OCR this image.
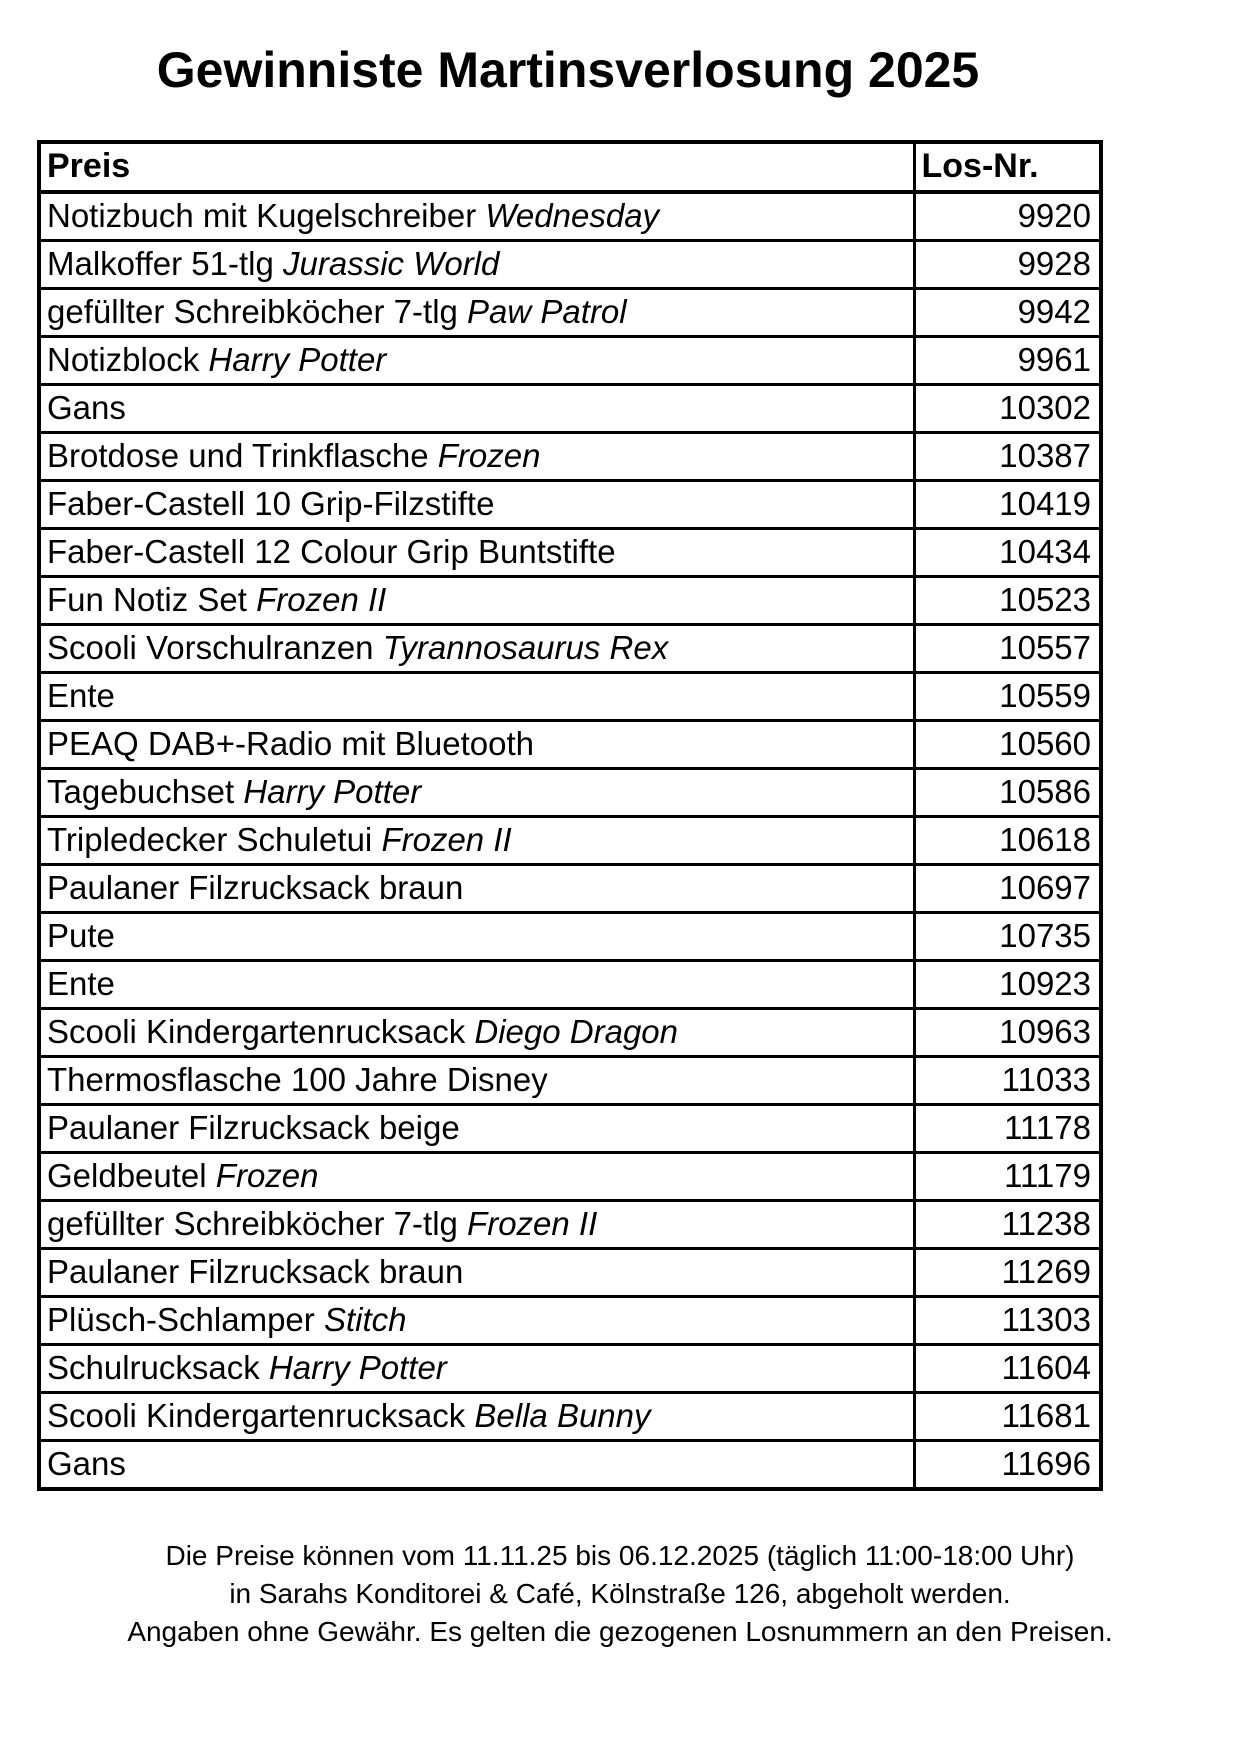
Gewinniste Martinsverlosung 2025
Preis	Los-Nr.
Notizbuch mit Kugelschreiber Wednesday	9920
Malkoffer 51-tlg Jurassic World	9928
gefüllter Schreibköcher 7-tlg Paw Patrol	9942
Notizblock Harry Potter	9961
Gans	10302
Brotdose und Trinkflasche Frozen	10387
Faber-Castell 10 Grip-Filzstifte	10419
Faber-Castell 12 Colour Grip Buntstifte	10434
Fun Notiz Set Frozen II	10523
Scooli Vorschulranzen Tyrannosaurus Rex	10557
Ente	10559
PEAQ DAB+-Radio mit Bluetooth	10560
Tagebuchset Harry Potter	10586
Tripledecker Schuletui Frozen II	10618
Paulaner Filzrucksack braun	10697
Pute	10735
Ente	10923
Scooli Kindergartenrucksack Diego Dragon	10963
Thermosflasche 100 Jahre Disney	11033
Paulaner Filzrucksack beige	11178
Geldbeutel Frozen	11179
gefüllter Schreibköcher 7-tlg Frozen II	11238
Paulaner Filzrucksack braun	11269
Plüsch-Schlamper Stitch	11303
Schulrucksack Harry Potter	11604
Scooli Kindergartenrucksack Bella Bunny	11681
Gans	11696

Die Preise können vom 11.11.25 bis 06.12.2025 (täglich 11:00-18:00 Uhr)

in Sarahs Konditorei & Café, Kölnstraße 126, abgeholt werden.

Angaben ohne Gewähr. Es gelten die gezogenen Losnummern an den Preisen.
